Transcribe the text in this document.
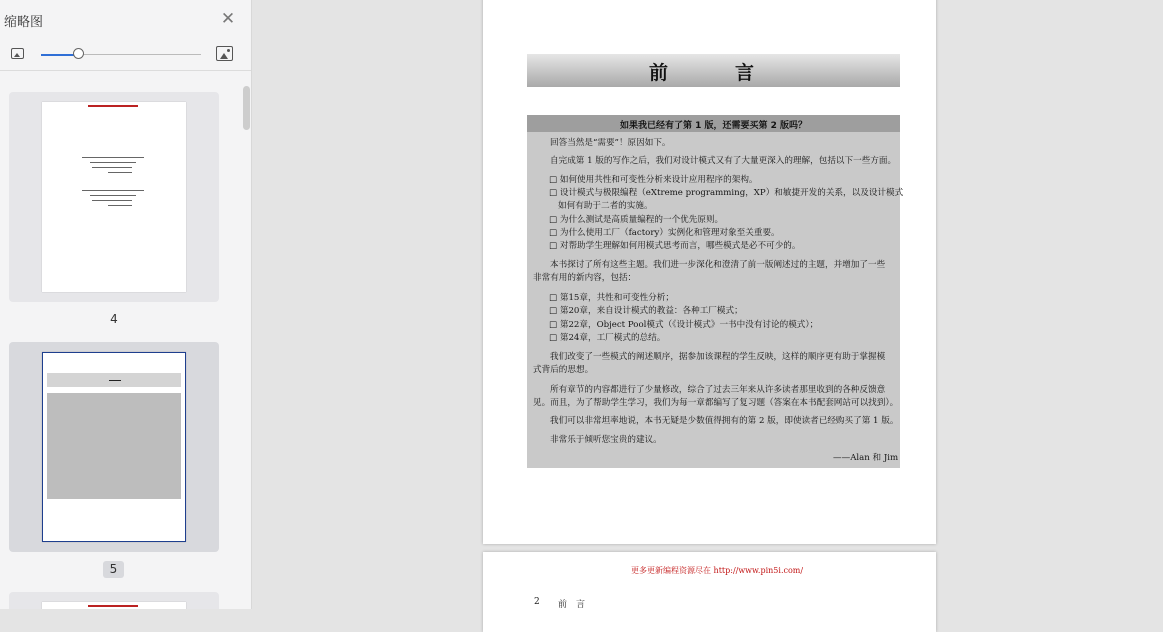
缩略图	✕
4
5
前　言
如果我已经有了第 1 版，还需要买第 2 版吗？
回答当然是“需要”！原因如下。
自完成第 1 版的写作之后，我们对设计模式又有了大量更深入的理解，包括以下一些方面。
□ 如何使用共性和可变性分析来设计应用程序的架构。
□ 设计模式与极限编程（eXtreme programming，XP）和敏捷开发的关系，以及设计模式
如何有助于二者的实施。
□ 为什么测试是高质量编程的一个优先原则。
□ 为什么使用工厂（factory）实例化和管理对象至关重要。
□ 对帮助学生理解如何用模式思考而言，哪些模式是必不可少的。
本书探讨了所有这些主题。我们进一步深化和澄清了前一版阐述过的主题，并增加了一些
非常有用的新内容，包括：
□ 第15章，共性和可变性分析；
□ 第20章，来自设计模式的教益：各种工厂模式；
□ 第22章，Object Pool模式（《设计模式》一书中没有讨论的模式）；
□ 第24章，工厂模式的总结。
我们改变了一些模式的阐述顺序，据参加该课程的学生反映，这样的顺序更有助于掌握模
式背后的思想。
所有章节的内容都进行了少量修改，综合了过去三年来从许多读者那里收到的各种反馈意
见。而且，为了帮助学生学习，我们为每一章都编写了复习题（答案在本书配套网站可以找到）。
我们可以非常坦率地说，本书无疑是少数值得拥有的第 2 版，即使读者已经购买了第 1 版。
非常乐于倾听您宝贵的建议。
——Alan 和 Jim
更多更新编程资源尽在 http://www.pin5i.com/
2 前　言
